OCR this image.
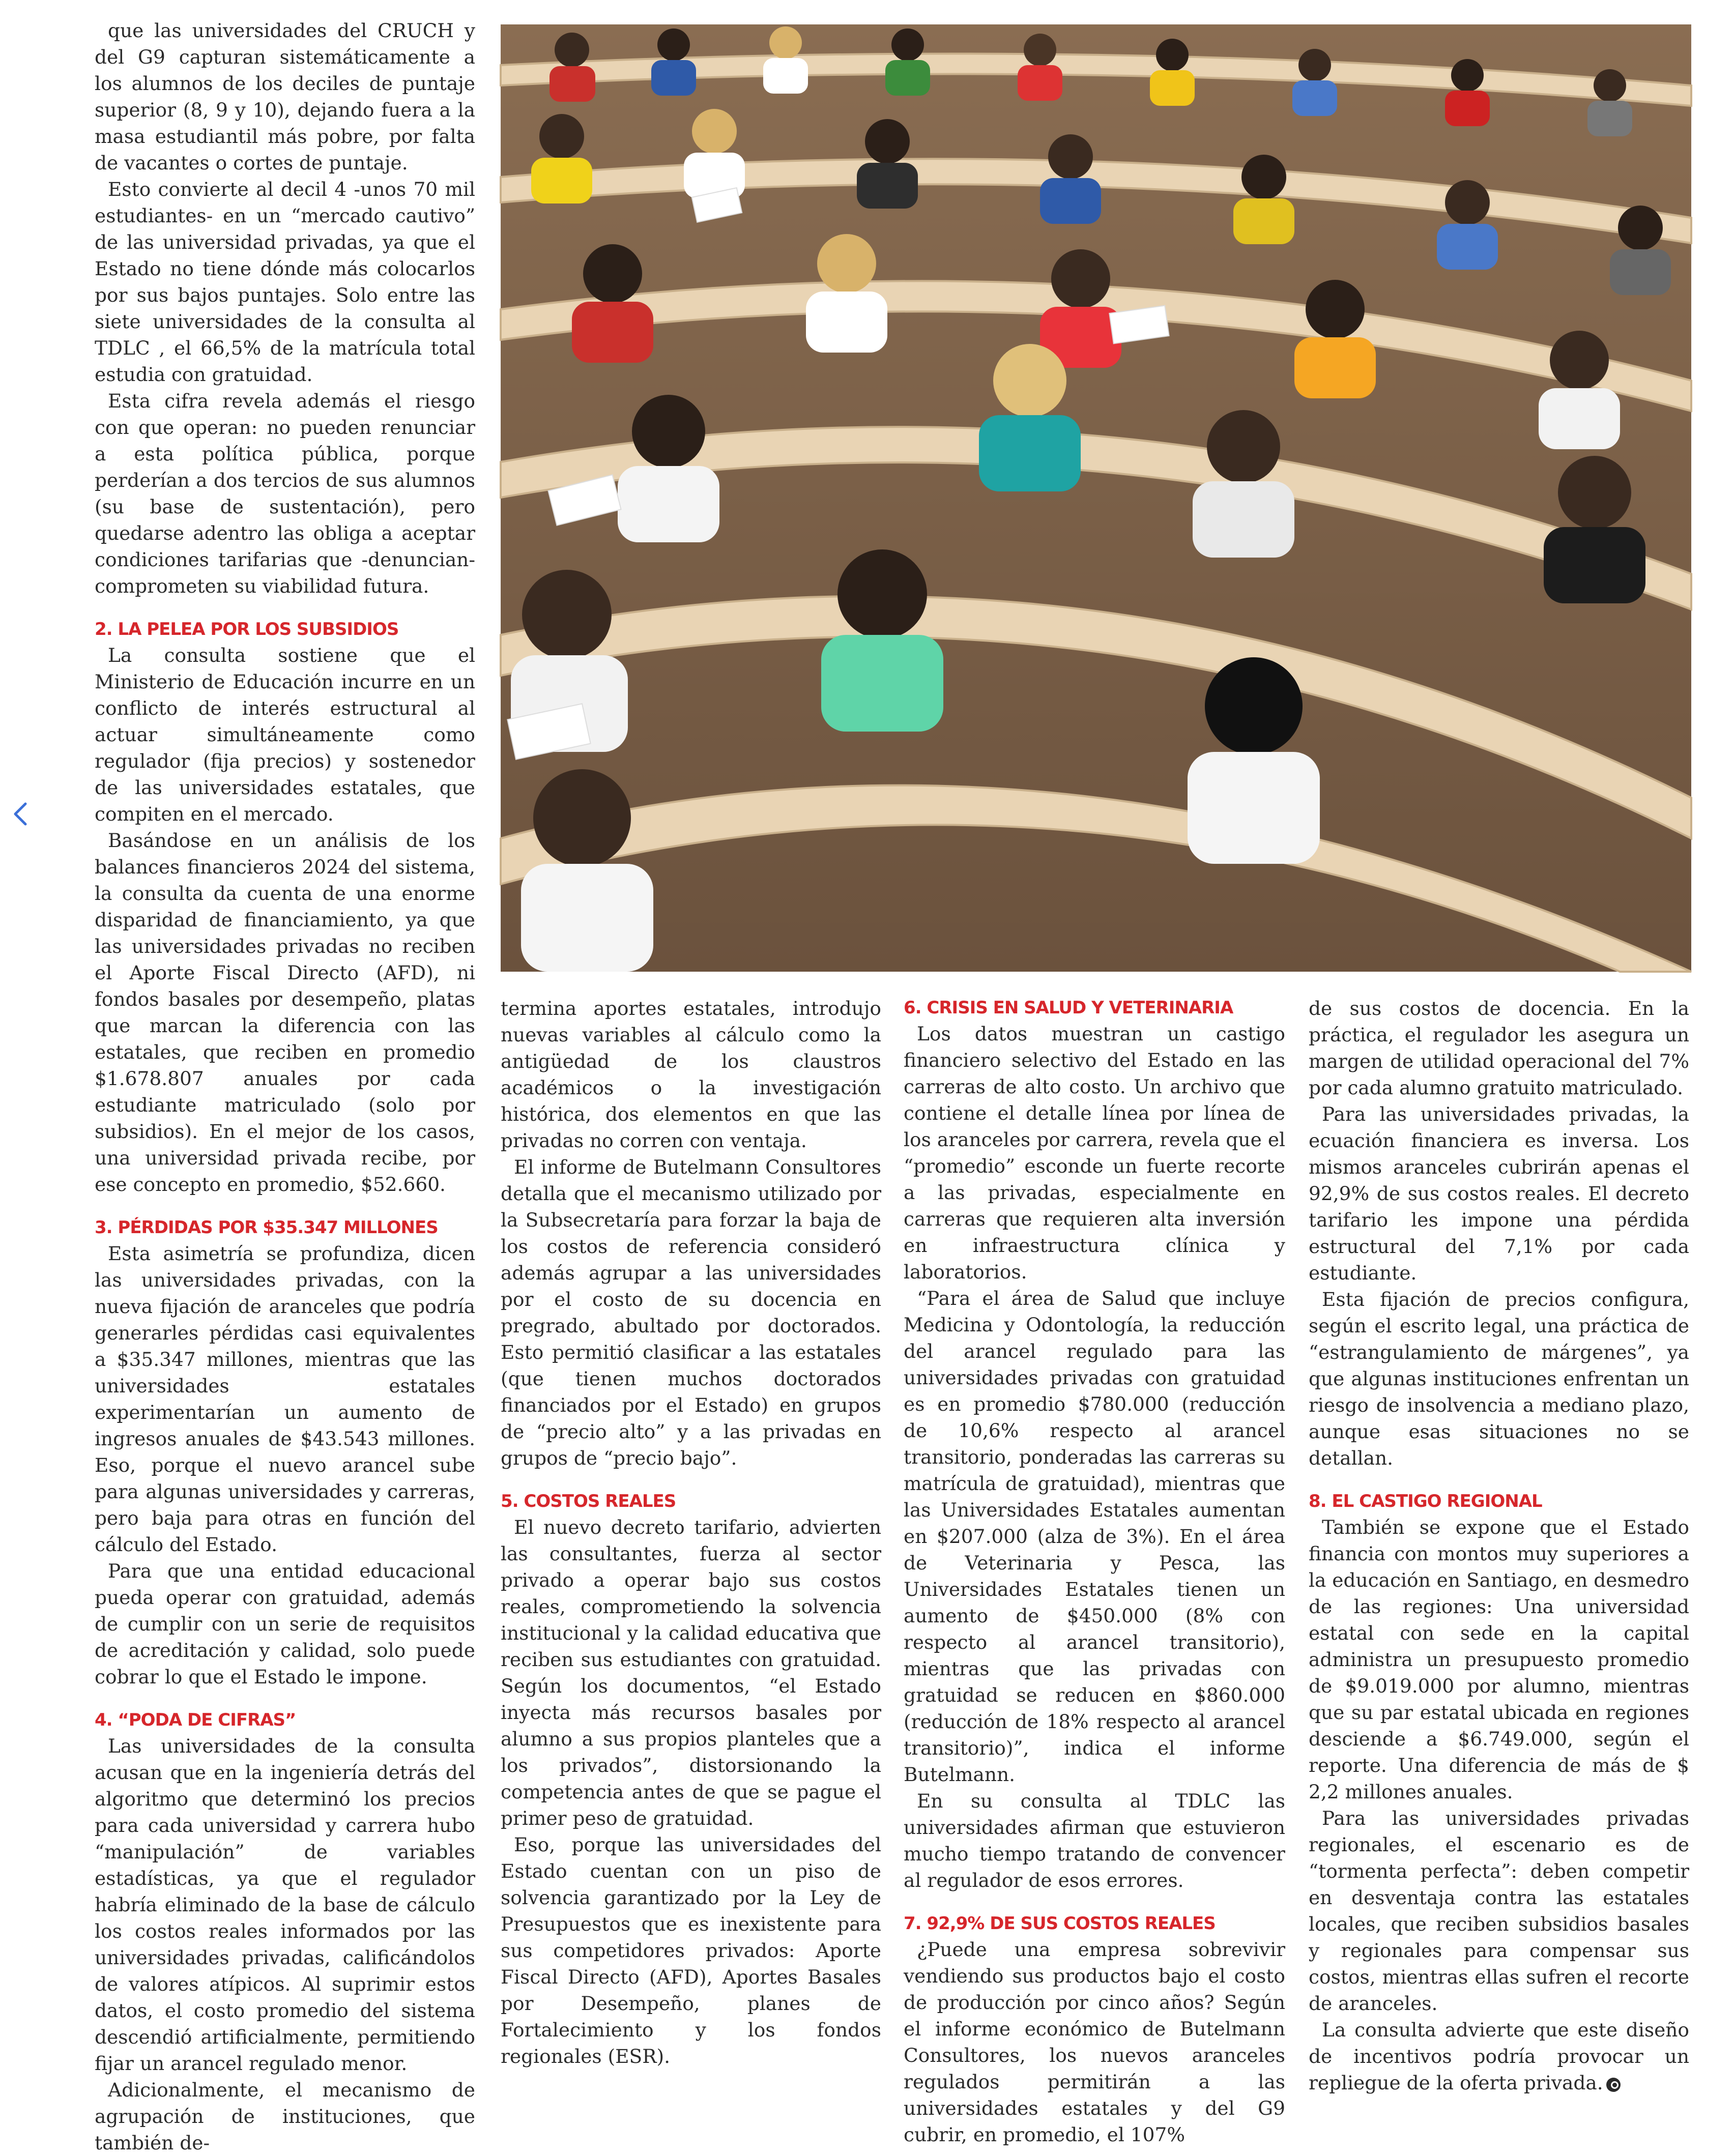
que las universidades del CRUCH y del G9 capturan sistemáticamente a los alumnos de los deciles de puntaje superior (8, 9 y 10), dejando fuera a la masa estudiantil más pobre, por falta de vacantes o cortes de puntaje.

Esto convierte al decil 4 -unos 70 mil estudiantes- en un “mercado cautivo” de las universidad privadas, ya que el Estado no tiene dónde más colocarlos por sus bajos puntajes. Solo entre las siete universidades de la consulta al TDLC , el 66,5% de la matrícula total estudia con gratuidad.

Esta cifra revela además el riesgo con que operan: no pueden renunciar a esta política pública, porque perderían a dos tercios de sus alumnos (su base de sustentación), pero quedarse adentro las obliga a aceptar condiciones tarifarias que -denuncian- comprometen su viabilidad futura.

2. LA PELEA POR LOS SUBSIDIOS

La consulta sostiene que el Ministerio de Educación incurre en un conflicto de interés estructural al actuar simultáneamente como regulador (fija precios) y sostenedor de las universidades estatales, que compiten en el mercado.

Basándose en un análisis de los balances financieros 2024 del sistema, la consulta da cuenta de una enorme disparidad de financiamiento, ya que las universidades privadas no reciben el Aporte Fiscal Directo (AFD), ni fondos basales por desempeño, platas que marcan la diferencia con las estatales, que reciben en promedio $1.678.807 anuales por cada estudiante matriculado (solo por subsidios). En el mejor de los casos, una universidad privada recibe, por ese concepto en promedio, $52.660.

3. PÉRDIDAS POR $35.347 MILLONES

Esta asimetría se profundiza, dicen las universidades privadas, con la nueva fijación de aranceles que podría generarles pérdidas casi equivalentes a $35.347 millones, mientras que las universidades estatales experimentarían un aumento de ingresos anuales de $43.543 millones. Eso, porque el nuevo arancel sube para algunas universidades y carreras, pero baja para otras en función del cálculo del Estado.

Para que una entidad educacional pueda operar con gratuidad, además de cumplir con un serie de requisitos de acreditación y calidad, solo puede cobrar lo que el Estado le impone.

4. “PODA DE CIFRAS”

Las universidades de la consulta acusan que en la ingeniería detrás del algoritmo que determinó los precios para cada universidad y carrera hubo “manipulación” de variables estadísticas, ya que el regulador habría eliminado de la base de cálculo los costos reales informados por las universidades privadas, calificándolos de valores atípicos. Al suprimir estos datos, el costo promedio del sistema descendió artificialmente, permitiendo fijar un arancel regulado menor.

Adicionalmente, el mecanismo de agrupación de instituciones, que también de-

termina aportes estatales, introdujo nuevas variables al cálculo como la antigüedad de los claustros académicos o la investigación histórica, dos elementos en que las privadas no corren con ventaja.

El informe de Butelmann Consultores detalla que el mecanismo utilizado por la Subsecretaría para forzar la baja de los costos de referencia consideró además agrupar a las universidades por el costo de su docencia en pregrado, abultado por doctorados. Esto permitió clasificar a las estatales (que tienen muchos doctorados financiados por el Estado) en grupos de “precio alto” y a las privadas en grupos de “precio bajo”.

5. COSTOS REALES

El nuevo decreto tarifario, advierten las consultantes, fuerza al sector privado a operar bajo sus costos reales, comprometiendo la solvencia institucional y la calidad educativa que reciben sus estudiantes con gratuidad. Según los documentos, “el Estado inyecta más recursos basales por alumno a sus propios planteles que a los privados”, distorsionando la competencia antes de que se pague el primer peso de gratuidad.

Eso, porque las universidades del Estado cuentan con un piso de solvencia garantizado por la Ley de Presupuestos que es inexistente para sus competidores privados: Aporte Fiscal Directo (AFD), Aportes Basales por Desempeño, planes de Fortalecimiento y los fondos regionales (ESR).

6. CRISIS EN SALUD Y VETERINARIA

Los datos muestran un castigo financiero selectivo del Estado en las carreras de alto costo. Un archivo que contiene el detalle línea por línea de los aranceles por carrera, revela que el “promedio” esconde un fuerte recorte a las privadas, especialmente en carreras que requieren alta inversión en infraestructura clínica y laboratorios.

“Para el área de Salud que incluye Medicina y Odontología, la reducción del arancel regulado para las universidades privadas con gratuidad es en promedio $780.000 (reducción de 10,6% respecto al arancel transitorio, ponderadas las carreras su matrícula de gratuidad), mientras que las Universidades Estatales aumentan en $207.000 (alza de 3%). En el área de Veterinaria y Pesca, las Universidades Estatales tienen un aumento de $450.000 (8% con respecto al arancel transitorio), mientras que las privadas con gratuidad se reducen en $860.000 (reducción de 18% respecto al arancel transitorio)”, indica el informe Butelmann.

En su consulta al TDLC las universidades afirman que estuvieron mucho tiempo tratando de convencer al regulador de esos errores.

7. 92,9% DE SUS COSTOS REALES

¿Puede una empresa sobrevivir vendiendo sus productos bajo el costo de producción por cinco años? Según el informe económico de Butelmann Consultores, los nuevos aranceles regulados permitirán a las universidades estatales y del G9 cubrir, en promedio, el 107%

de sus costos de docencia. En la práctica, el regulador les asegura un margen de utilidad operacional del 7% por cada alumno gratuito matriculado.

Para las universidades privadas, la ecuación financiera es inversa. Los mismos aranceles cubrirán apenas el 92,9% de sus costos reales. El decreto tarifario les impone una pérdida estructural del 7,1% por cada estudiante.

Esta fijación de precios configura, según el escrito legal, una práctica de “estrangulamiento de márgenes”, ya que algunas instituciones enfrentan un riesgo de insolvencia a mediano plazo, aunque esas situaciones no se detallan.

8. EL CASTIGO REGIONAL

También se expone que el Estado financia con montos muy superiores a la educación en Santiago, en desmedro de las regiones: Una universidad estatal con sede en la capital administra un presupuesto promedio de $9.019.000 por alumno, mientras que su par estatal ubicada en regiones desciende a $6.749.000, según el reporte. Una diferencia de más de $ 2,2 millones anuales.

Para las universidades privadas regionales, el escenario es de “tormenta perfecta”: deben competir en desventaja contra las estatales locales, que reciben subsidios basales y regionales para compensar sus costos, mientras ellas sufren el recorte de aranceles.

La consulta advierte que este diseño de incentivos podría provocar un repliegue de la oferta privada.
